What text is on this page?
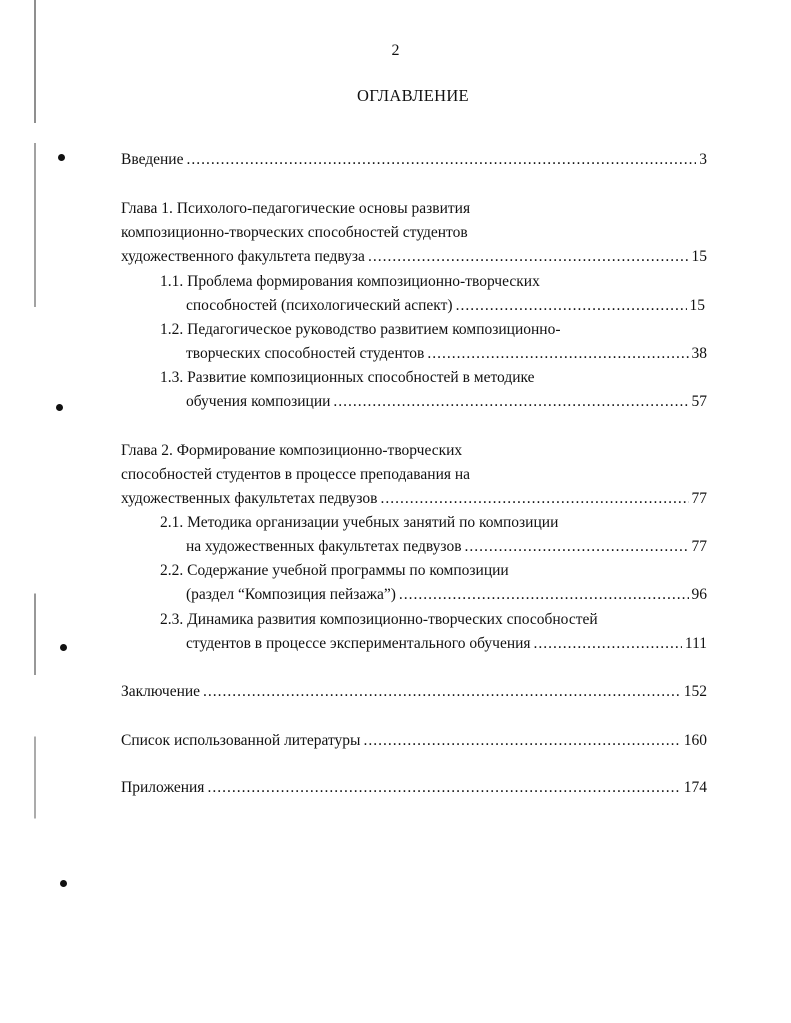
2
ОГЛАВЛЕНИЕ
Введение .....	3
Глава 1. Психолого-педагогические основы развития
композиционно-творческих способностей студентов
художественного факультета педвуза .....	15
1.1. Проблема формирования композиционно-творческих
способностей (психологический аспект) .....	15
1.2. Педагогическое руководство развитием композиционно-
творческих способностей студентов .....	38
1.3. Развитие композиционных способностей в методике
обучения композиции .....	57
Глава 2. Формирование композиционно-творческих
способностей студентов в процессе преподавания на
художественных факультетах педвузов .....	77
2.1. Методика организации учебных занятий по композиции
на художественных факультетах педвузов .....	77
2.2. Содержание учебной программы по композиции
(раздел “Композиция пейзажа”) .....	96
2.3. Динамика развития композиционно-творческих способностей
студентов в процессе экспериментального обучения .....	111
Заключение .....	152
Список использованной литературы .....	160
Приложения .....	174
